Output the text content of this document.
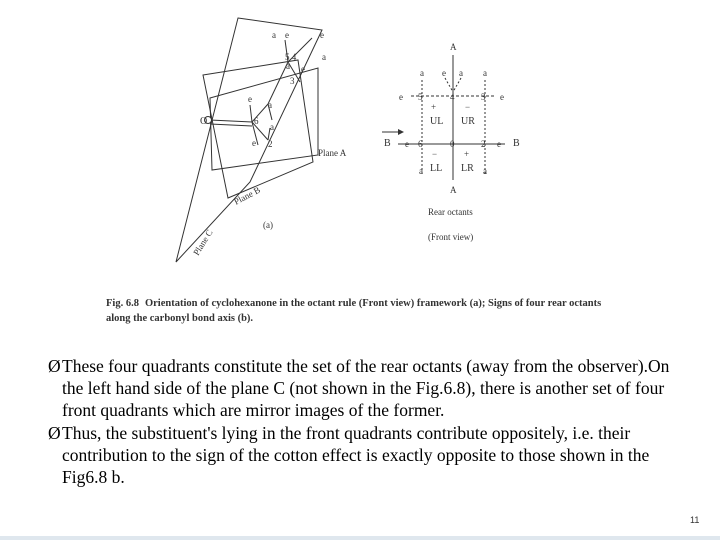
a e	e
a
5 4
a e
3
e
a
O	6
a
e 2
Plane A
Plane B
Plane C
(a)
A
a e a a
e 5	4	3 e
+	−
UL UR
B e 6	0	2 e B
−	+
LL LR
a	a
A
Rear octants
(Front view)
Fig. 6.8 Orientation of cyclohexanone in the octant rule (Front view) framework (a); Signs of four rear octants along the carbonyl bond axis (b).
Ø These four quadrants constitute the set of the rear octants (away from the observer).On the left hand side of the plane C (not shown in the Fig.6.8), there is another set of four front quadrants which are mirror images of the former.
Ø Thus, the substituent's lying in the front quadrants contribute oppositely, i.e. their contribution to the sign of the cotton effect is exactly opposite to those shown in the Fig6.8 b.
11
